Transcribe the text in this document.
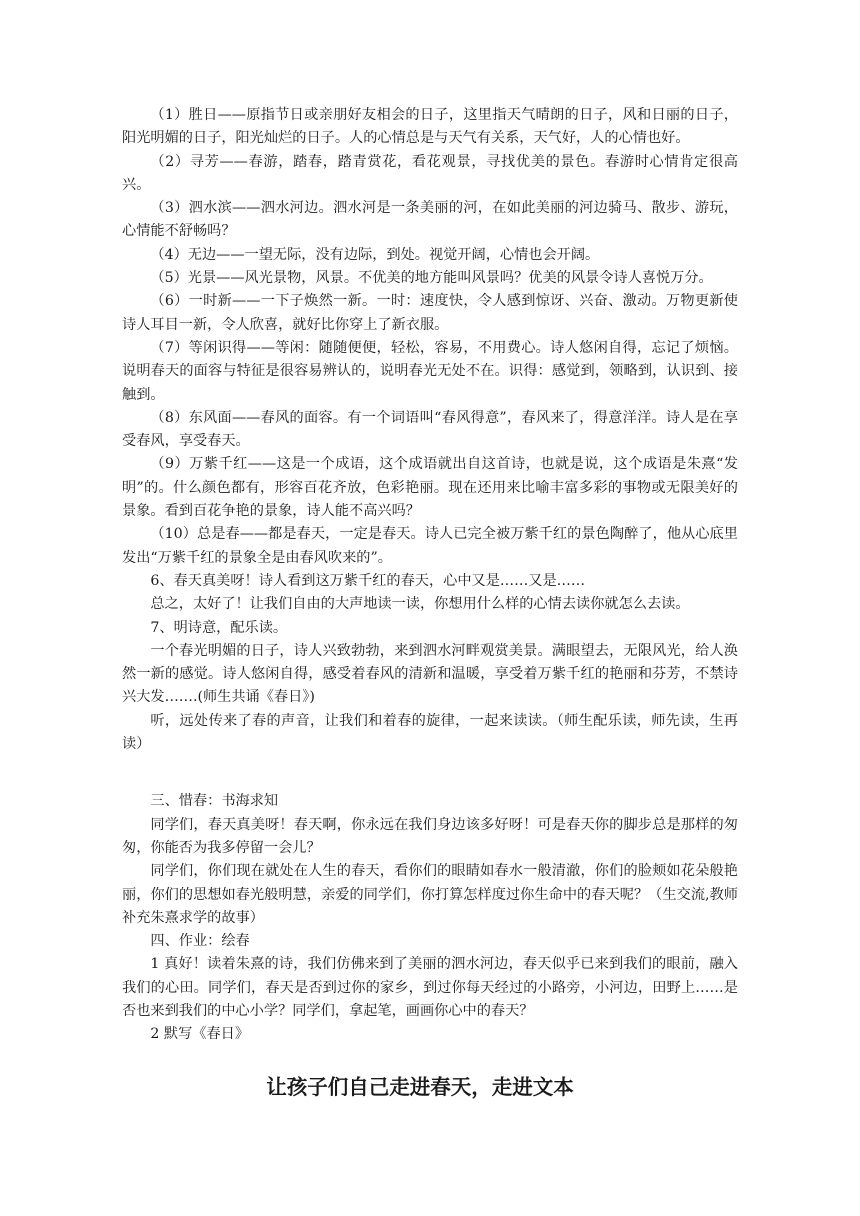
（1）胜日——原指节日或亲朋好友相会的日子，这里指天气晴朗的日子，风和日丽的日子，阳光明媚的日子，阳光灿烂的日子。人的心情总是与天气有关系，天气好，人的心情也好。

（2）寻芳——春游，踏春，踏青赏花，看花观景，寻找优美的景色。春游时心情肯定很高兴。

（3）泗水滨——泗水河边。泗水河是一条美丽的河，在如此美丽的河边骑马、散步、游玩，心情能不舒畅吗？

（4）无边——一望无际，没有边际，到处。视觉开阔，心情也会开阔。

（5）光景——风光景物，风景。不优美的地方能叫风景吗？优美的风景令诗人喜悦万分。

（6）一时新——一下子焕然一新。一时：速度快，令人感到惊讶、兴奋、激动。万物更新使诗人耳目一新，令人欣喜，就好比你穿上了新衣服。

（7）等闲识得——等闲：随随便便，轻松，容易，不用费心。诗人悠闲自得，忘记了烦恼。说明春天的面容与特征是很容易辨认的，说明春光无处不在。识得：感觉到，领略到，认识到、接触到。

（8）东风面——春风的面容。有一个词语叫“春风得意”，春风来了，得意洋洋。诗人是在享受春风，享受春天。

（9）万紫千红——这是一个成语，这个成语就出自这首诗，也就是说，这个成语是朱熹“发明”的。什么颜色都有，形容百花齐放，色彩艳丽。现在还用来比喻丰富多彩的事物或无限美好的景象。看到百花争艳的景象，诗人能不高兴吗？

（10）总是春——都是春天，一定是春天。诗人已完全被万紫千红的景色陶醉了，他从心底里发出“万紫千红的景象全是由春风吹来的”。

6、春天真美呀！诗人看到这万紫千红的春天，心中又是……又是……

总之，太好了！让我们自由的大声地读一读，你想用什么样的心情去读你就怎么去读。

7、明诗意，配乐读。

一个春光明媚的日子，诗人兴致勃勃，来到泗水河畔观赏美景。满眼望去，无限风光，给人涣然一新的感觉。诗人悠闲自得，感受着春风的清新和温暖，享受着万紫千红的艳丽和芬芳，不禁诗兴大发…….(师生共诵《春日》)

听，远处传来了春的声音，让我们和着春的旋律，一起来读读。（师生配乐读，师先读，生再读）

三、惜春：书海求知

同学们，春天真美呀！春天啊，你永远在我们身边该多好呀！可是春天你的脚步总是那样的匆匆，你能否为我多停留一会儿？

同学们，你们现在就处在人生的春天，看你们的眼睛如春水一般清澈，你们的脸颊如花朵般艳丽，你们的思想如春光般明慧，亲爱的同学们，你打算怎样度过你生命中的春天呢？（生交流,教师补充朱熹求学的故事）

四、作业：绘春

1 真好！读着朱熹的诗，我们仿佛来到了美丽的泗水河边，春天似乎已来到我们的眼前，融入我们的心田。同学们，春天是否到过你的家乡，到过你每天经过的小路旁，小河边，田野上……是否也来到我们的中心小学？同学们，拿起笔，画画你心中的春天？

2 默写《春日》

让孩子们自己走进春天，走进文本
